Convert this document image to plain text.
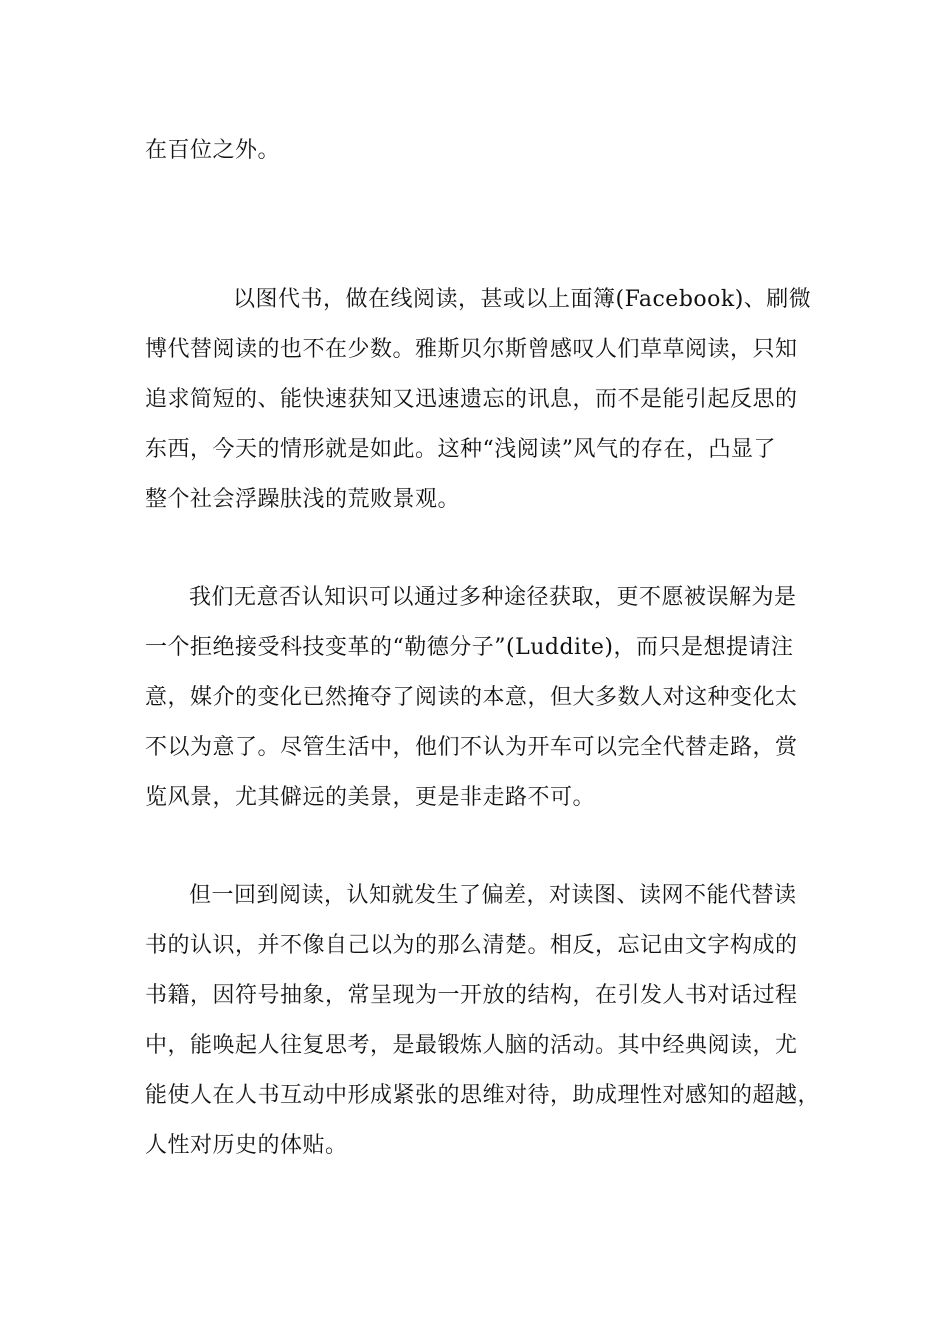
在百位之外。
以图代书，做在线阅读，甚或以上面簿(Facebook)、刷微
博代替阅读的也不在少数。雅斯贝尔斯曾感叹人们草草阅读，只知
追求简短的、能快速获知又迅速遗忘的讯息，而不是能引起反思的
东西，今天的情形就是如此。这种“浅阅读”风气的存在，凸显了
整个社会浮躁肤浅的荒败景观。
我们无意否认知识可以通过多种途径获取，更不愿被误解为是
一个拒绝接受科技变革的“勒德分子”(Luddite)，而只是想提请注
意，媒介的变化已然掩夺了阅读的本意，但大多数人对这种变化太
不以为意了。尽管生活中，他们不认为开车可以完全代替走路，赏
览风景，尤其僻远的美景，更是非走路不可。
但一回到阅读，认知就发生了偏差，对读图、读网不能代替读
书的认识，并不像自己以为的那么清楚。相反，忘记由文字构成的
书籍，因符号抽象，常呈现为一开放的结构，在引发人书对话过程
中，能唤起人往复思考，是最锻炼人脑的活动。其中经典阅读，尤
能使人在人书互动中形成紧张的思维对待，助成理性对感知的超越，
人性对历史的体贴。
